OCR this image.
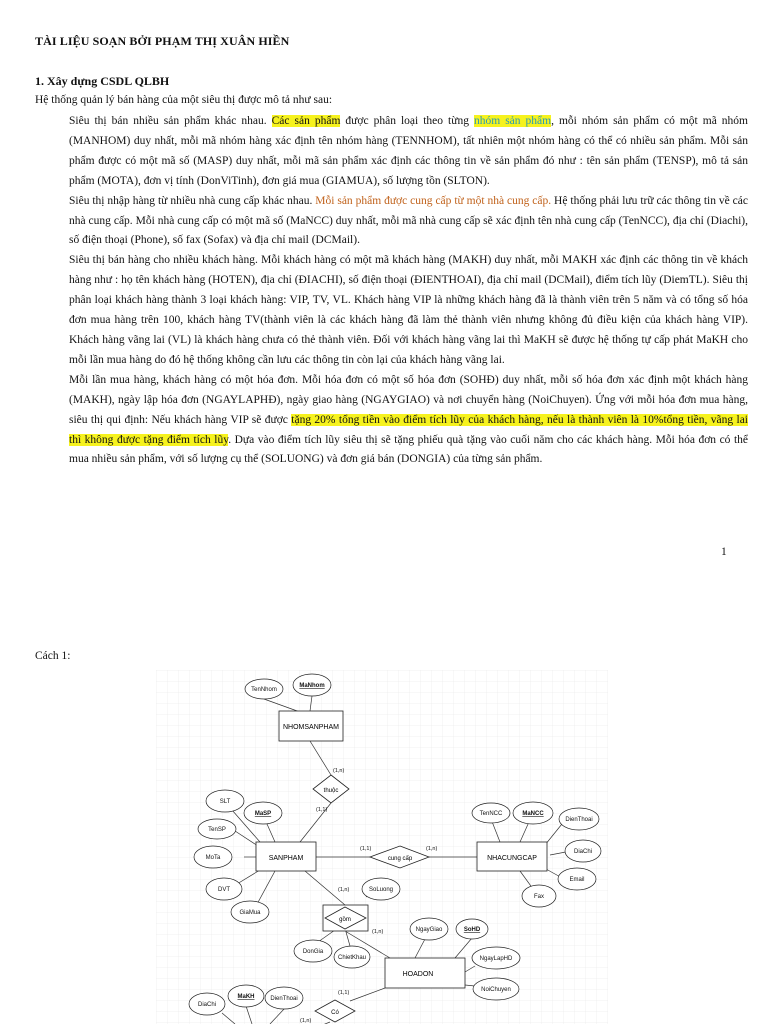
TÀI LIỆU SOẠN BỞI PHẠM THỊ XUÂN HIỀN
1. Xây dựng CSDL QLBH
Hệ thống quản lý bán hàng của một siêu thị được mô tả như sau:
Siêu thị bán nhiều sản phẩm khác nhau. Các sản phẩm được phân loại theo từng nhóm sản phẩm, mỗi nhóm sản phẩm có một mã nhóm (MANHOM) duy nhất, mỗi mã nhóm hàng xác định tên nhóm hàng (TENNHOM), tất nhiên một nhóm hàng có thể có nhiều sản phẩm. Mỗi sản phẩm được có một mã số (MASP) duy nhất, mỗi mã sản phẩm xác định các thông tin về sản phẩm đó như : tên sản phẩm (TENSP), mô tả sản phẩm (MOTA), đơn vị tính (DonViTinh), đơn giá mua (GIAMUA), số lượng tồn (SLTON).
Siêu thị nhập hàng từ nhiều nhà cung cấp khác nhau. Mỗi sản phẩm được cung cấp từ một nhà cung cấp. Hệ thống phải lưu trữ các thông tin về các nhà cung cấp. Mỗi nhà cung cấp có một mã số (MaNCC) duy nhất, mỗi mã nhà cung cấp sẽ xác định tên nhà cung cấp (TenNCC), địa chỉ (Diachi), số điện thoại (Phone), số fax (Sofax) và địa chỉ mail (DCMail).
Siêu thị bán hàng cho nhiều khách hàng. Mỗi khách hàng có một mã khách hàng (MAKH) duy nhất, mỗi MAKH xác định các thông tin về khách hàng như : họ tên khách hàng (HOTEN), địa chỉ (ĐIACHI), số điện thoại (ĐIENTHOAI), địa chỉ mail (DCMail), điểm tích lũy (DiemTL). Siêu thị phân loại khách hàng thành 3 loại khách hàng: VIP, TV, VL. Khách hàng VIP là những khách hàng đã là thành viên trên 5 năm và có tổng số hóa đơn mua hàng trên 100, khách hàng TV(thành viên là các khách hàng đã làm thẻ thành viên nhưng không đủ điều kiện của khách hàng VIP). Khách hàng vãng lai (VL) là khách hàng chưa có thẻ thành viên. Đối với khách hàng vãng lai thì MaKH sẽ được hệ thống tự cấp phát MaKH cho mỗi lần mua hàng do đó hệ thống không cần lưu các thông tin còn lại của khách hàng vãng lai.
Mỗi lần mua hàng, khách hàng có một hóa đơn. Mỗi hóa đơn có một số hóa đơn (SOHĐ) duy nhất, mỗi số hóa đơn xác định một khách hàng (MAKH), ngày lập hóa đơn (NGAYLAPHĐ), ngày giao hàng (NGAYGIAO) và nơi chuyển hàng (NoiChuyen). Ứng với mỗi hóa đơn mua hàng, siêu thị qui định: Nếu khách hàng VIP sẽ được tặng 20% tổng tiền vào điểm tích lũy của khách hàng, nếu là thành viên là 10%tổng tiền, vãng lai thì không được tặng điểm tích lũy. Dựa vào điểm tích lũy siêu thị sẽ tặng phiếu quà tặng vào cuối năm cho các khách hàng. Mỗi hóa đơn có thể mua nhiều sản phẩm, với số lượng cụ thể (SOLUONG) và đơn giá bán (DONGIA) của từng sản phẩm.
1
Cách 1:
NHOMSANPHAM
SANPHAM	NHACUNGCAP
HOADON
thuộc
cung cấp
gồm
Có
TenNhom
MaNhom
SLT
MaSP
TenSP
MoTa
DVT
GiaMua
TenNCC	MaNCC
DienThoai
DiaChi
Email
Fax
SoLuong
DonGia
ChietKhau
NgayGiao	SoHD
NgayLapHD
NoiChuyen
DiaChi
MaKH	DienThoai
(1,n)
(1,1)
(1,1)	(1,n)
(1,n)
(1,n)
(1,1)
(1,n)
